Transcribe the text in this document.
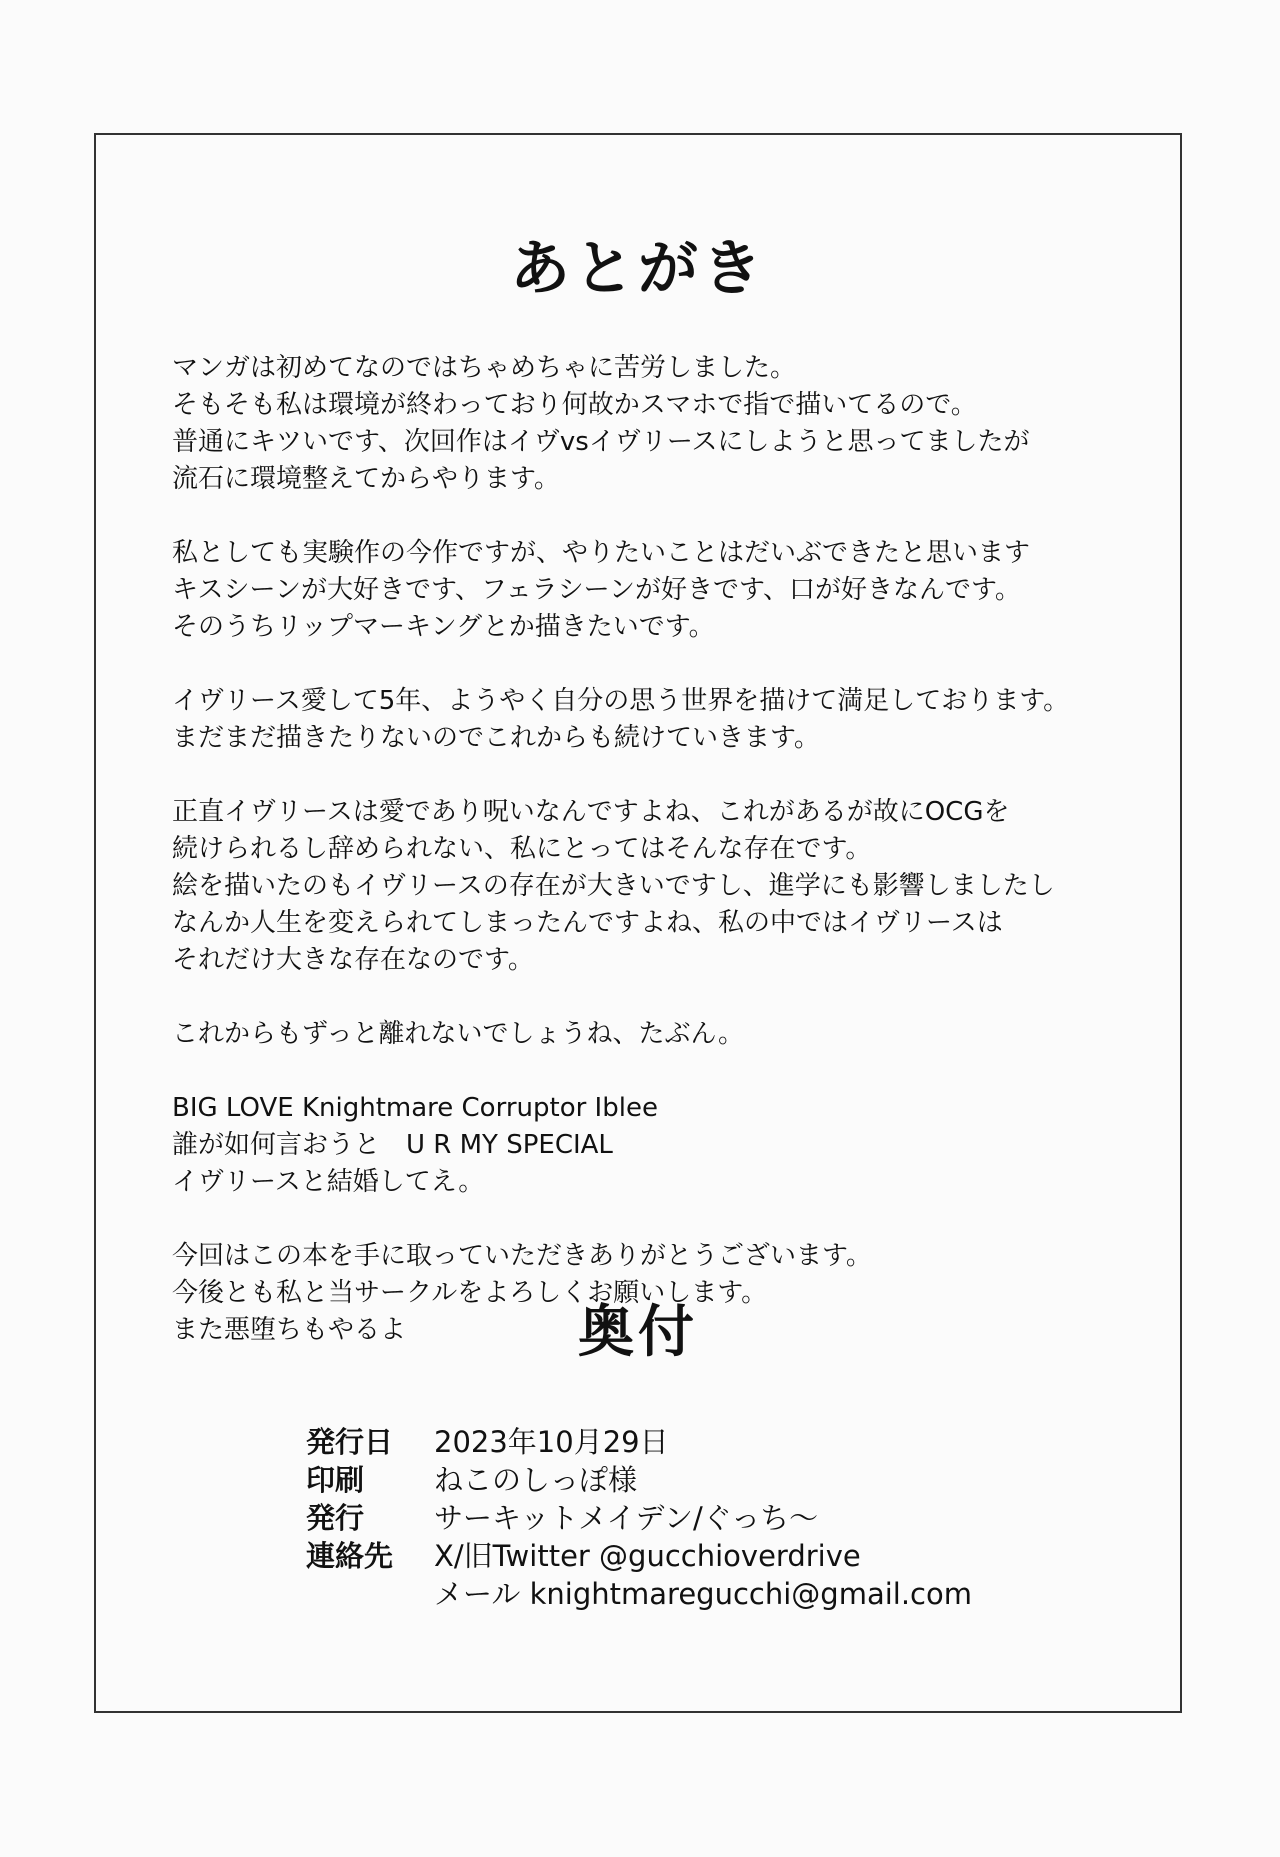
あとがき
マンガは初めてなのではちゃめちゃに苦労しました。
そもそも私は環境が終わっており何故かスマホで指で描いてるので。
普通にキツいです、次回作はイヴvsイヴリースにしようと思ってましたが
流石に環境整えてからやります。
私としても実験作の今作ですが、やりたいことはだいぶできたと思います
キスシーンが大好きです、フェラシーンが好きです、口が好きなんです。
そのうちリップマーキングとか描きたいです。
イヴリース愛して5年、ようやく自分の思う世界を描けて満足しております。
まだまだ描きたりないのでこれからも続けていきます。
正直イヴリースは愛であり呪いなんですよね、これがあるが故にOCGを
続けられるし辞められない、私にとってはそんな存在です。
絵を描いたのもイヴリースの存在が大きいですし、進学にも影響しましたし
なんか人生を変えられてしまったんですよね、私の中ではイヴリースは
それだけ大きな存在なのです。
これからもずっと離れないでしょうね、たぶん。
BIG LOVE Knightmare Corruptor Iblee
誰が如何言おうと　U R MY SPECIAL
イヴリースと結婚してえ。
今回はこの本を手に取っていただきありがとうございます。
今後とも私と当サークルをよろしくお願いします。
また悪堕ちもやるよ	奥付
発行日 2023年10月29日
印刷 ねこのしっぽ様
発行 サーキットメイデン/ぐっち〜
連絡先 X/旧Twitter @gucchioverdrive
メール knightmaregucchi@gmail.com
